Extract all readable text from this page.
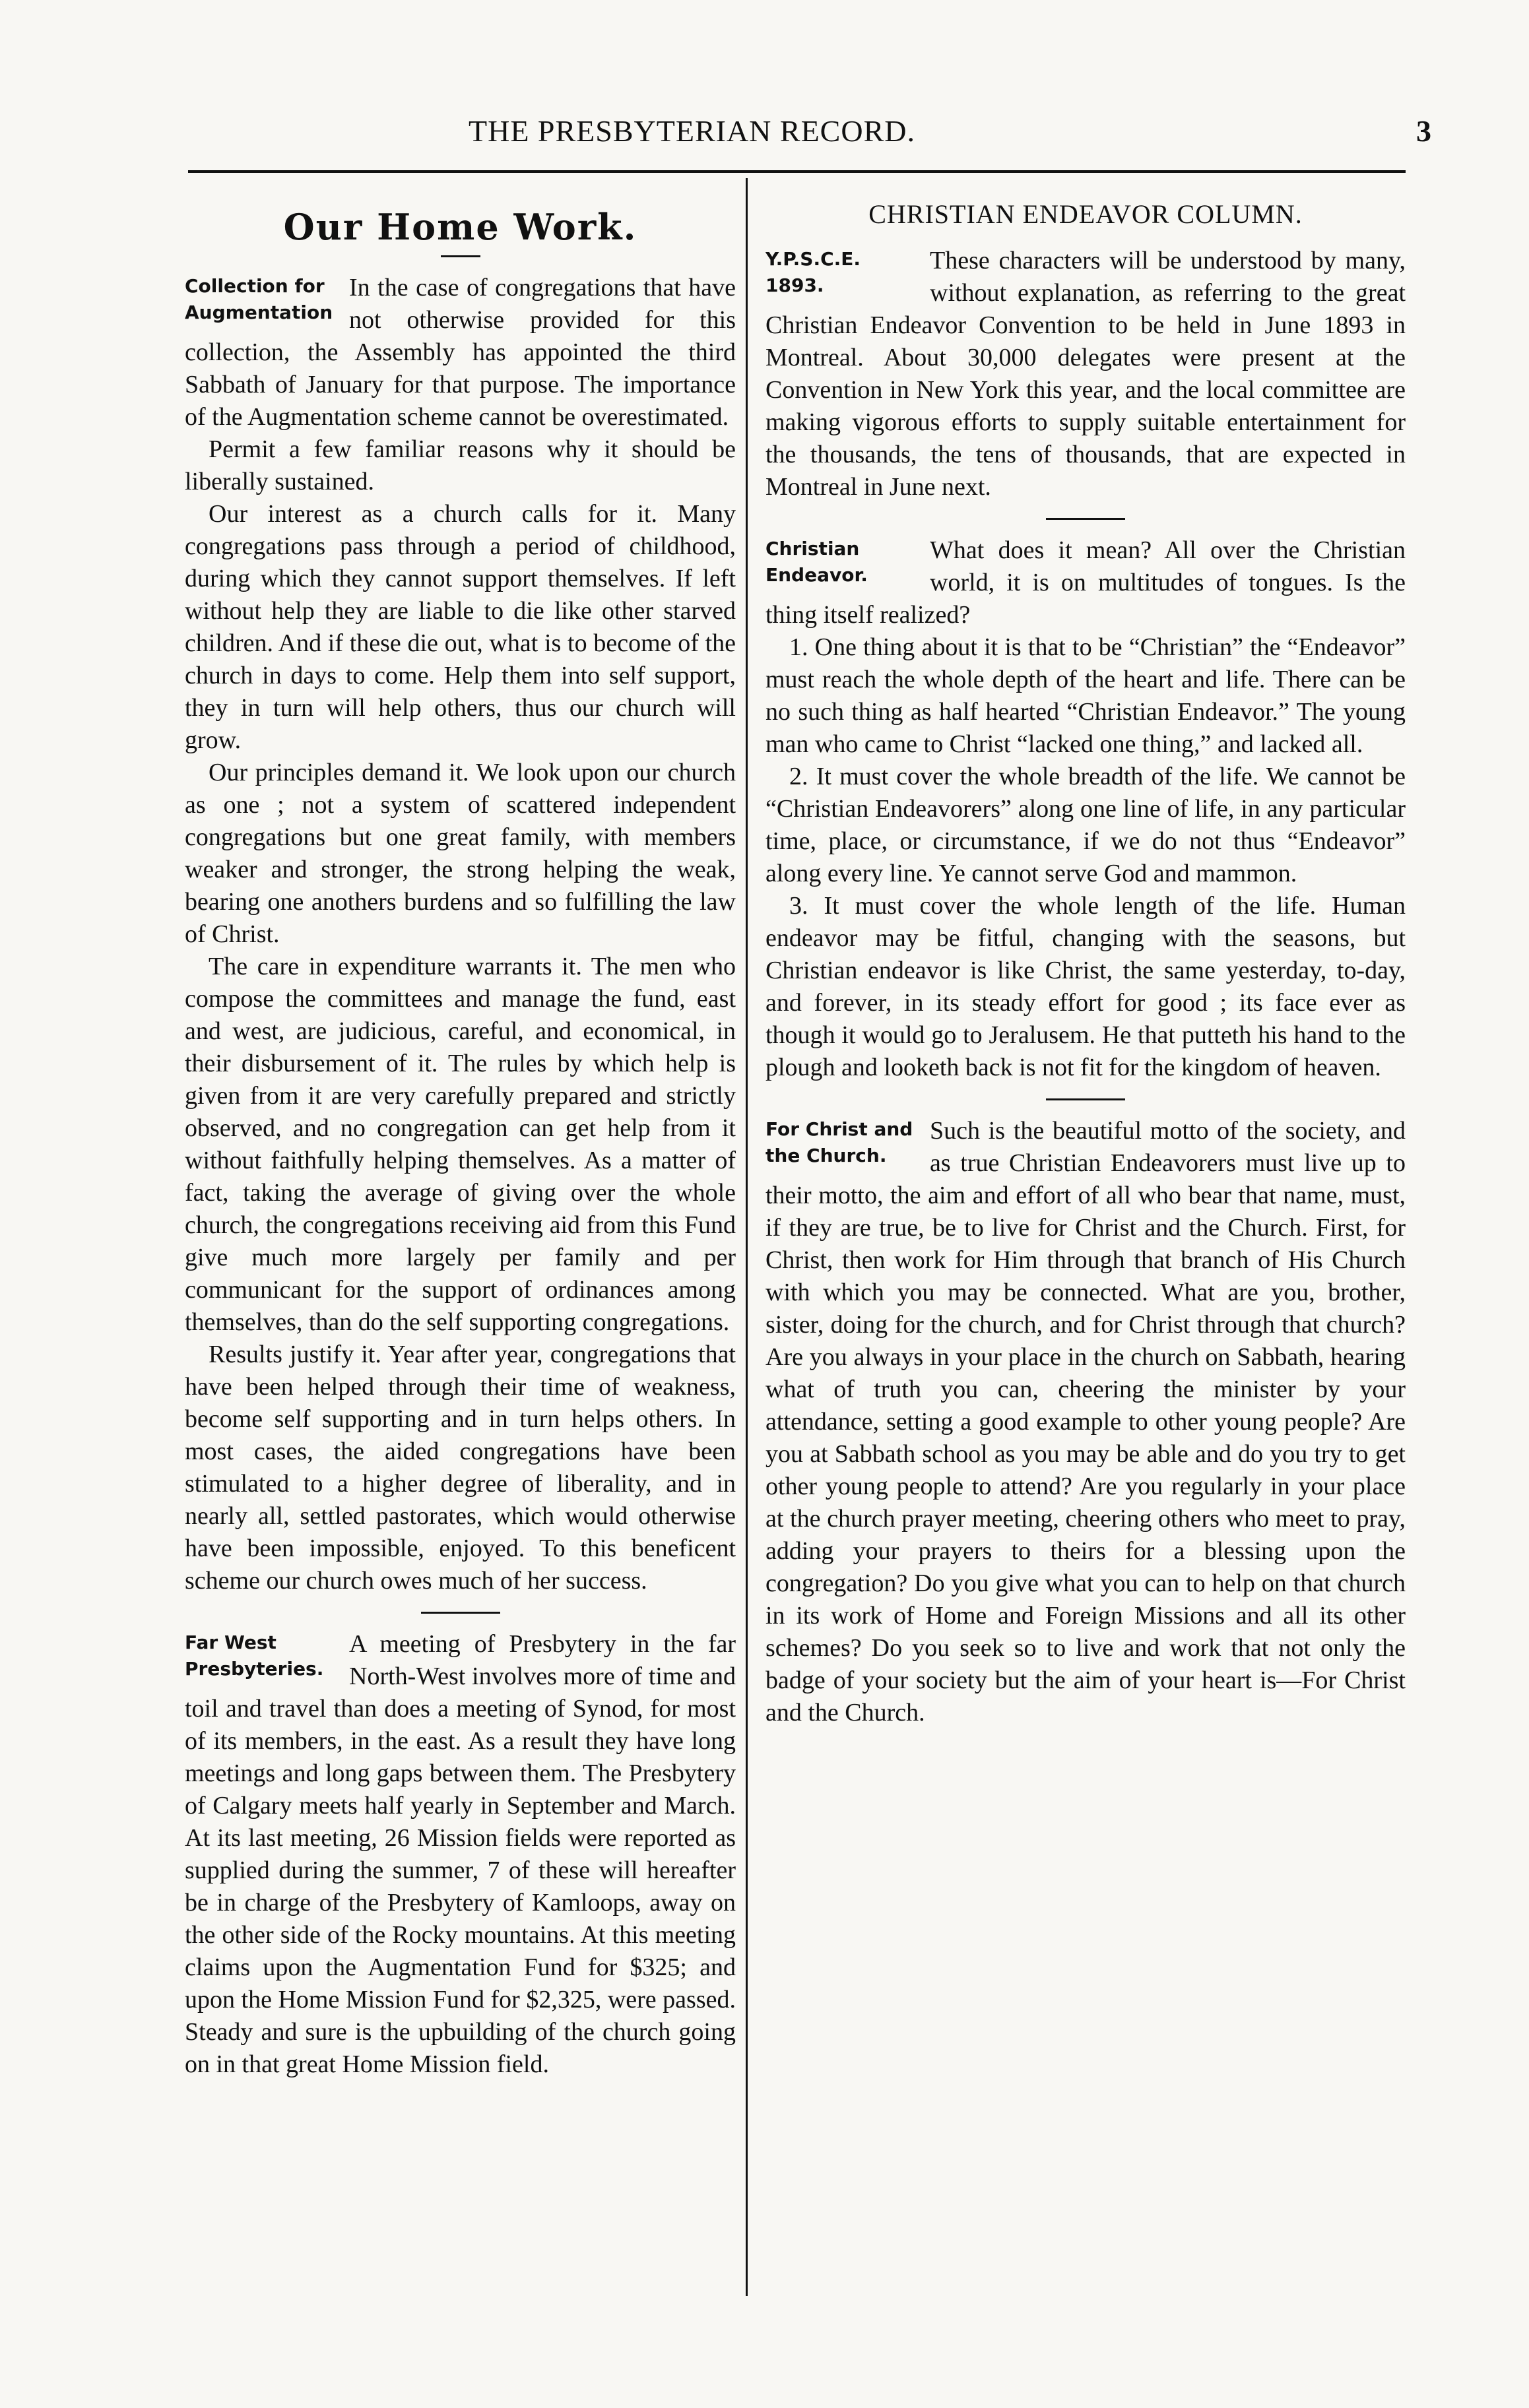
THE PRESBYTERIAN RECORD.	3
Our Home Work.
Collection for Augmentation

In the case of congregations that have not otherwise provided for this collection, the Assembly has appointed the third Sabbath of January for that purpose. The importance of the Augmentation scheme cannot be overestimated.

Permit a few familiar reasons why it should be liberally sustained.

Our interest as a church calls for it. Many congregations pass through a period of childhood, during which they cannot support themselves. If left without help they are liable to die like other starved children. And if these die out, what is to become of the church in days to come. Help them into self support, they in turn will help others, thus our church will grow.

Our principles demand it. We look upon our church as one ; not a system of scattered independent congregations but one great family, with members weaker and stronger, the strong helping the weak, bearing one anothers burdens and so fulfilling the law of Christ.

The care in expenditure warrants it. The men who compose the committees and manage the fund, east and west, are judicious, careful, and economical, in their disbursement of it. The rules by which help is given from it are very carefully prepared and strictly observed, and no congregation can get help from it without faithfully helping themselves. As a matter of fact, taking the average of giving over the whole church, the congregations receiving aid from this Fund give much more largely per family and per communicant for the support of ordinances among themselves, than do the self supporting congregations.

Results justify it. Year after year, congregations that have been helped through their time of weakness, become self supporting and in turn helps others. In most cases, the aided congregations have been stimulated to a higher degree of liberality, and in nearly all, settled pastorates, which would otherwise have been impossible, enjoyed. To this beneficent scheme our church owes much of her success.

Far West Presbyteries.

A meeting of Presbytery in the far North-West involves more of time and toil and travel than does a meeting of Synod, for most of its members, in the east. As a result they have long meetings and long gaps between them. The Presbytery of Calgary meets half yearly in September and March. At its last meeting, 26 Mission fields were reported as supplied during the summer, 7 of these will hereafter be in charge of the Presbytery of Kamloops, away on the other side of the Rocky mountains. At this meeting claims upon the Augmentation Fund for $325; and upon the Home Mission Fund for $2,325, were passed. Steady and sure is the upbuilding of the church going on in that great Home Mission field.

CHRISTIAN ENDEAVOR COLUMN.
Y.P.S.C.E. 1893.

These characters will be understood by many, without explanation, as referring to the great Christian Endeavor Convention to be held in June 1893 in Montreal. About 30,000 delegates were present at the Convention in New York this year, and the local committee are making vigorous efforts to supply suitable entertainment for the thousands, the tens of thousands, that are expected in Montreal in June next.

Christian Endeavor.

What does it mean? All over the Christian world, it is on multitudes of tongues. Is the thing itself realized?

1. One thing about it is that to be “Christian” the “Endeavor” must reach the whole depth of the heart and life. There can be no such thing as half hearted “Christian Endeavor.” The young man who came to Christ “lacked one thing,” and lacked all.

2. It must cover the whole breadth of the life. We cannot be “Christian Endeavorers” along one line of life, in any particular time, place, or circumstance, if we do not thus “Endeavor” along every line. Ye cannot serve God and mammon.

3. It must cover the whole length of the life. Human endeavor may be fitful, changing with the seasons, but Christian endeavor is like Christ, the same yesterday, to-day, and forever, in its steady effort for good ; its face ever as though it would go to Jeralusem. He that putteth his hand to the plough and looketh back is not fit for the kingdom of heaven.

For Christ and the Church.

Such is the beautiful motto of the society, and as true Christian Endeavorers must live up to their motto, the aim and effort of all who bear that name, must, if they are true, be to live for Christ and the Church. First, for Christ, then work for Him through that branch of His Church with which you may be connected. What are you, brother, sister, doing for the church, and for Christ through that church? Are you always in your place in the church on Sabbath, hearing what of truth you can, cheering the minister by your attendance, setting a good example to other young people? Are you at Sabbath school as you may be able and do you try to get other young people to attend? Are you regularly in your place at the church prayer meeting, cheering others who meet to pray, adding your prayers to theirs for a blessing upon the congregation? Do you give what you can to help on that church in its work of Home and Foreign Missions and all its other schemes? Do you seek so to live and work that not only the badge of your society but the aim of your heart is—For Christ and the Church.
